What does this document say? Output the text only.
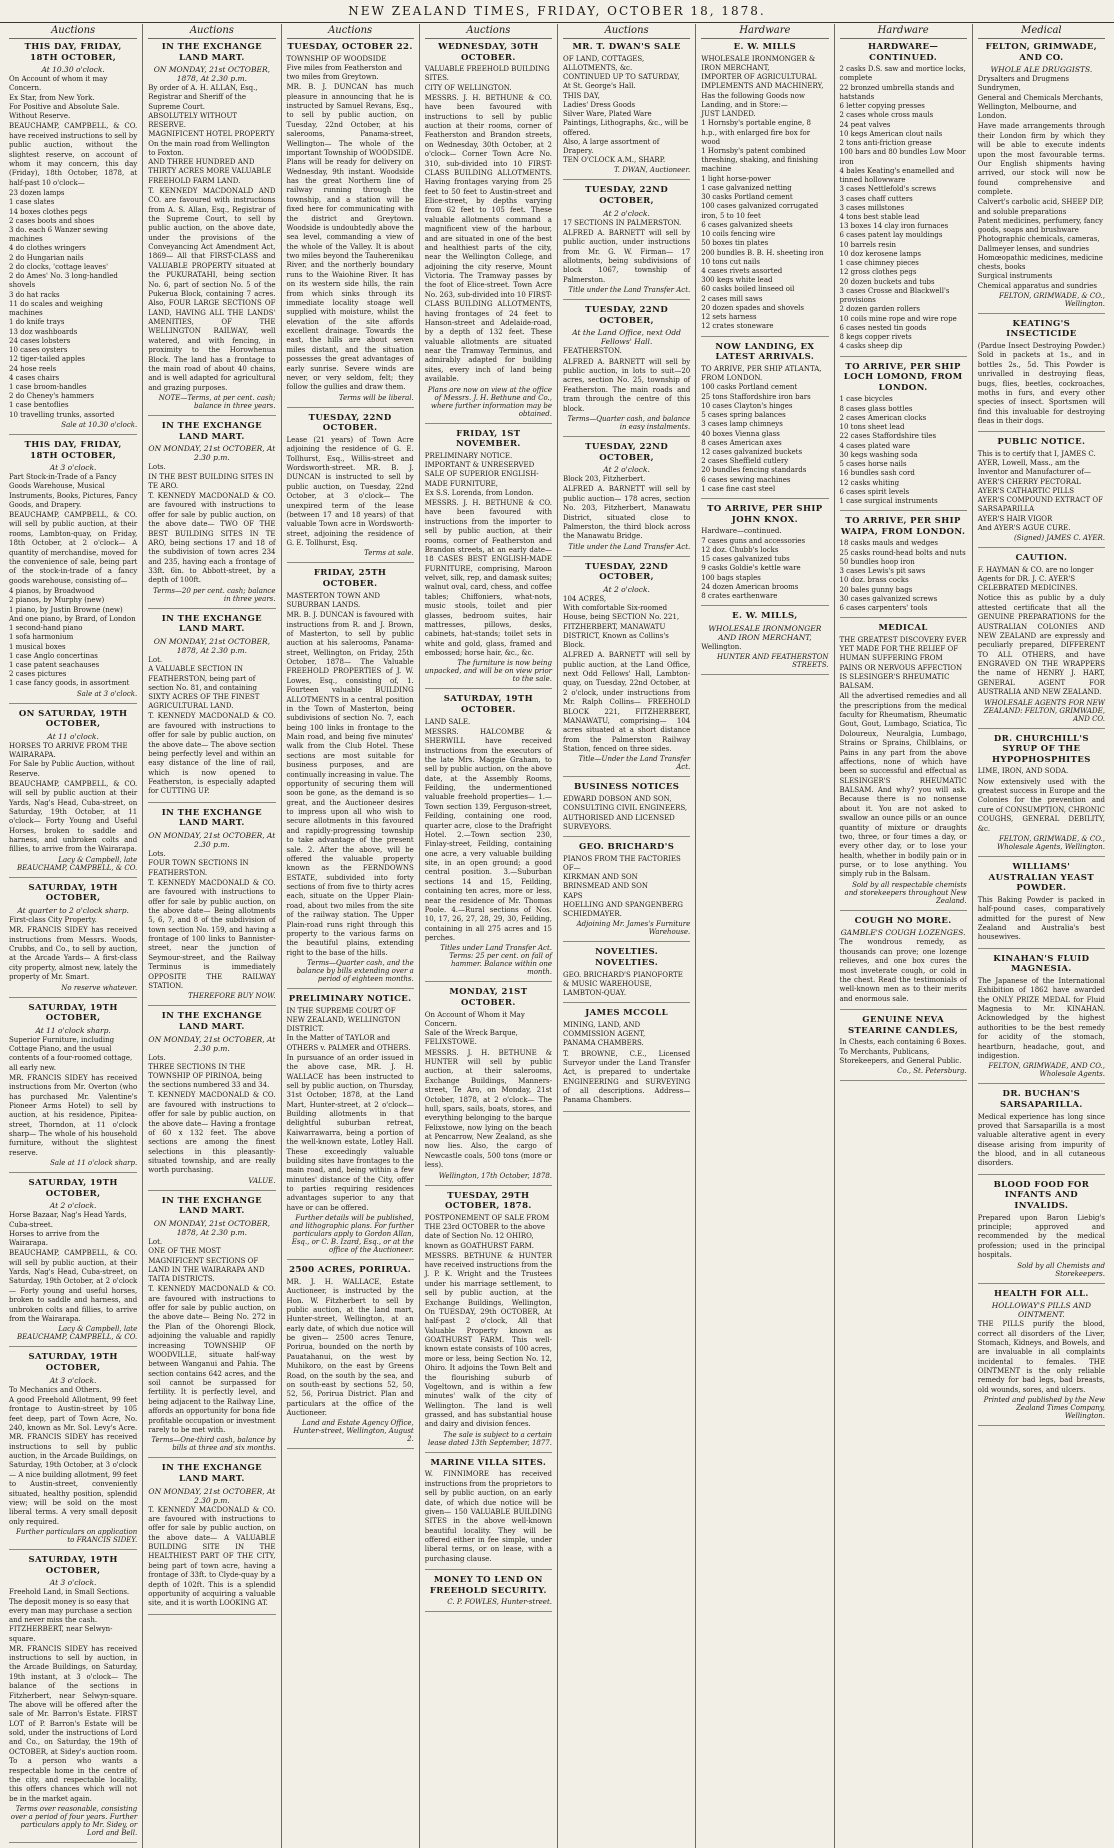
NEW ZEALAND TIMES, FRIDAY, OCTOBER 18, 1878.
Auctions
THIS DAY, FRIDAY, 18TH OCTOBER,
At 10.30 o'clock.

On Account of whom it may Concern.

Ex Star, from New York.

For Positive and Absolute Sale.

Without Reserve.

BEAUCHAMP, CAMPBELL, & CO. have received instructions to sell by public auction, without the slightest reserve, on account of whom it may concern, this day (Friday), 18th October, 1878, at half-past 10 o'clock—

23 dozen lamps

1 case slates

14 boxes clothes pegs

2 cases boots and shoes

3 do. each 6 Wanzer sewing machines

4 do clothes wringers

2 do Hungarian nails

2 do clocks, 'cottage leaves'

2 do Ames' No. 3 long-handled shovels

3 do hat racks

11 do scales and weighing machines

1 do knife trays

13 doz washboards

24 cases lobsters

10 cases oysters

12 tiger-tailed apples

24 hose reels

4 cases chairs

1 case broom-handles

2 do Cheney's hammers

1 case bentoflies

10 travelling trunks, assorted

Sale at 10.30 o'clock.
THIS DAY, FRIDAY, 18TH OCTOBER,
At 3 o'clock.

Part Stock-in-Trade of a Fancy Goods Warehouse, Musical Instruments, Books, Pictures, Fancy Goods, and Drapery.

BEAUCHAMP, CAMPBELL, & CO. will sell by public auction, at their rooms, Lambton-quay, on Friday, 18th October, at 2 o'clock— A quantity of merchandise, moved for the convenience of sale, being part of the stock-in-trade of a fancy goods warehouse, consisting of—

4 pianos, by Broadwood

2 pianos, by Murphy (new)

1 piano, by Justin Browne (new)

And one piano, by Brard, of London

1 second-hand piano

1 sofa harmonium

1 musical boxes

1 case Anglo concertinas

1 case patent seachauses

2 cases pictures

1 case fancy goods, in assortment

Sale at 3 o'clock.
ON SATURDAY, 19TH OCTOBER,
At 11 o'clock.

HORSES TO ARRIVE FROM THE WAIRARAPA.

For Sale by Public Auction, without Reserve.

BEAUCHAMP, CAMPBELL, & CO. will sell by public auction at their Yards, Nag's Head, Cuba-street, on Saturday, 19th October, at 11 o'clock— Forty Young and Useful Horses, broken to saddle and harness, and unbroken colts and fillies, to arrive from the Wairarapa.

Lacy & Campbell, late BEAUCHAMP, CAMPBELL, & CO.
SATURDAY, 19TH OCTOBER,
At quarter to 2 o'clock sharp.

First-class City Property.

MR. FRANCIS SIDEY has received instructions from Messrs. Woods, Crubbs, and Co., to sell by auction, at the Arcade Yards— A first-class city property, almost new, lately the property of Mr. Smart.

No reserve whatever.
SATURDAY, 19TH OCTOBER,
At 11 o'clock sharp.

Superior Furniture, including Cottage Piano, and the usual contents of a four-roomed cottage, all early new.

MR. FRANCIS SIDEY has received instructions from Mr. Overton (who has purchased Mr. Valentine's Pioneer Arms Hotel) to sell by auction, at his residence, Pipitea-street, Thorndon, at 11 o'clock sharp— The whole of his household furniture, without the slightest reserve.

Sale at 11 o'clock sharp.
SATURDAY, 19TH OCTOBER,
At 2 o'clock.

Horse Bazaar, Nag's Head Yards, Cuba-street.

Horses to arrive from the Wairarapa.

BEAUCHAMP, CAMPBELL, & CO. will sell by public auction, at their Yards, Nag's Head, Cuba-street, on Saturday, 19th October, at 2 o'clock— Forty young and useful horses, broken to saddle and harness, and unbroken colts and fillies, to arrive from the Wairarapa.

Lacy & Campbell, late BEAUCHAMP, CAMPBELL, & CO.
SATURDAY, 19TH OCTOBER,
At 3 o'clock.

To Mechanics and Others.

A good Freehold Allotment, 99 feet frontage to Austin-street by 105 feet deep, part of Town Acre, No. 240, known as Mr. Sol. Levy's Acre. MR. FRANCIS SIDEY has received instructions to sell by public auction, in the Arcade Buildings, on Saturday, 19th October, at 3 o'clock— A nice building allotment, 99 feet to Austin-street, conveniently situated, healthy position, splendid view; will be sold on the most liberal terms. A very small deposit only required.

Further particulars on application to FRANCIS SIDEY.
SATURDAY, 19TH OCTOBER,
At 3 o'clock.

Freehold Land, in Small Sections. The deposit money is so easy that every man may purchase a section and never miss the cash.

FITZHERBERT, near Selwyn-square.

MR. FRANCIS SIDEY has received instructions to sell by auction, in the Arcade Buildings, on Saturday, 19th instant, at 3 o'clock— The balance of the sections in Fitzherbert, near Selwyn-square. The above will be offered after the sale of Mr. Barron's Estate. FIRST LOT of P. Barron's Estate will be sold, under the instructions of Lord and Co., on Saturday, the 19th of OCTOBER, at Sidey's auction room. To a person who wants a respectable home in the centre of the city, and respectable locality, this offers chances which will not be in the market again.

Terms over reasonable, consisting over a period of four years. Further particulars apply to Mr. Sidey, or Lord and Bell.
Auctions
IN THE EXCHANGE LAND MART.
ON MONDAY, 21st OCTOBER, 1878, At 2.30 p.m.

By order of A. H. ALLAN, Esq., Registrar and Sheriff of the Supreme Court.

ABSOLUTELY WITHOUT RESERVE.

MAGNIFICENT HOTEL PROPERTY On the main road from Wellington to Foxton.

AND THREE HUNDRED AND THIRTY ACRES MORE VALUABLE FREEHOLD FARM LAND.

T. KENNEDY MACDONALD AND CO. are favoured with instructions from A. S. Allan, Esq., Registrar of the Supreme Court, to sell by public auction, on the above date, under the provisions of the Conveyancing Act Amendment Act, 1869— All that FIRST-CLASS and VALUABLE PROPERTY situated at the PUKURATAHI, being section No. 6, part of section No. 5 of the Pukerua Block, containing 7 acres. Also, FOUR LARGE SECTIONS OF LAND, HAVING ALL THE LANDS' AMENITIES, OF THE WELLINGTON RAILWAY, well watered, and with fencing, in proximity to the Horowhenua Block. The land has a frontage to the main road of about 40 chains, and is well adapted for agricultural and grazing purposes.

NOTE—Terms, at per cent. cash; balance in three years.
IN THE EXCHANGE LAND MART.
ON MONDAY, 21st OCTOBER, At 2.30 p.m.

Lots.

IN THE BEST BUILDING SITES IN TE ARO.

T. KENNEDY MACDONALD & CO. are favoured with instructions to offer for sale by public auction, on the above date— TWO OF THE BEST BUILDING SITES IN TE ARO, being sections 17 and 18 of the subdivision of town acres 234 and 235, having each a frontage of 33ft. 6in. to Abbott-street, by a depth of 100ft.

Terms—20 per cent. cash; balance in three years.
IN THE EXCHANGE LAND MART.
ON MONDAY, 21st OCTOBER, 1878, At 2.30 p.m.

Lot.

A VALUABLE SECTION IN FEATHERSTON, being part of section No. 81, and containing SIXTY ACRES OF THE FINEST AGRICULTURAL LAND.

T. KENNEDY MACDONALD & CO. are favoured with instructions to offer for sale by public auction, on the above date— The above section being perfectly level and within an easy distance of the line of rail, which is now opened to Featherston, is especially adapted for CUTTING UP.

IN THE EXCHANGE LAND MART.
ON MONDAY, 21st OCTOBER, At 2.30 p.m.

Lots.

FOUR TOWN SECTIONS IN FEATHERSTON.

T. KENNEDY MACDONALD & CO. are favoured with instructions to offer for sale by public auction, on the above date— Being allotments 5, 6, 7, and 8 of the subdivision of town section No. 159, and having a frontage of 100 links to Bannister-street, near the junction of Seymour-street, and the Railway Terminus is immediately OPPOSITE THE RAILWAY STATION.

THEREFORE BUY NOW.
IN THE EXCHANGE LAND MART.
ON MONDAY, 21st OCTOBER, At 2.30 p.m.

Lots.

THREE SECTIONS IN THE TOWNSHIP OF PIRINOA, being the sections numbered 33 and 34.

T. KENNEDY MACDONALD & CO. are favoured with instructions to offer for sale by public auction, on the above date— Having a frontage of 60 x 132 feet. The above sections are among the finest selections in this pleasantly-situated township, and are really worth purchasing.

VALUE.
IN THE EXCHANGE LAND MART.
ON MONDAY, 21st OCTOBER, 1878, At 2.30 p.m.

Lot.

ONE OF THE MOST MAGNIFICENT SECTIONS OF LAND IN THE WAIRARAPA AND TAITA DISTRICTS.

T. KENNEDY MACDONALD & CO. are favoured with instructions to offer for sale by public auction, on the above date— Being No. 272 in the Plan of the Ohorengi Block, adjoining the valuable and rapidly increasing TOWNSHIP OF WOODVILLE, situate half-way between Wanganui and Pahia. The section contains 642 acres, and the soil cannot be surpassed for fertility. It is perfectly level, and being adjacent to the Railway Line, affords an opportunity for bona fide profitable occupation or investment rarely to be met with.

Terms—One-third cash, balance by bills at three and six months.
IN THE EXCHANGE LAND MART.
ON MONDAY, 21st OCTOBER, At 2.30 p.m.

T. KENNEDY MACDONALD & CO. are favoured with instructions to offer for sale by public auction, on the above date— A VALUABLE BUILDING SITE IN THE HEALTHIEST PART OF THE CITY, being part of town acre, having a frontage of 33ft. to Clyde-quay by a depth of 102ft. This is a splendid opportunity of acquiring a valuable site, and it is worth LOOKING AT.

Auctions
TUESDAY, OCTOBER 22.

TOWNSHIP OF WOODSIDE

Five miles from Featherston and two miles from Greytown.

MR. B. J. DUNCAN has much pleasure in announcing that he is instructed by Samuel Revans, Esq., to sell by public auction, on Tuesday, 22nd October, at his salerooms, Panama-street, Wellington— The whole of the important Township of WOODSIDE. Plans will be ready for delivery on Wednesday, 9th instant. Woodside has the great Northern line of railway running through the township, and a station will be fixed here for communicating with the district and Greytown. Woodside is undoubtedly above the sea level, commanding a view of the whole of the Valley. It is about two miles beyond the Tauherenikau River, and the northerly boundary runs to the Waiohine River. It has on its western side hills, the rain from which sinks through its immediate locality stoage well supplied with moisture, whilst the elevation of the site affords excellent drainage. Towards the east, the hills are about seven miles distant, and the situation possesses the great advantages of early sunrise. Severe winds are never, or very seldom, felt; they follow the gullies and draw them.

Terms will be liberal.
TUESDAY, 22ND OCTOBER.

Lease (21 years) of Town Acre adjoining the residence of G. E. Tollhurst, Esq., Willis-street and Wordsworth-street. MR. B. J. DUNCAN is instructed to sell by public auction, on Tuesday, 22nd October, at 3 o'clock— The unexpired term of the lease (between 17 and 18 years) of that valuable Town acre in Wordsworth-street, adjoining the residence of G. E. Tollhurst, Esq.

Terms at sale.
FRIDAY, 25TH OCTOBER.

MASTERTON TOWN AND SUBURBAN LANDS.

MR. B. J. DUNCAN is favoured with instructions from R. and J. Brown, of Masterton, to sell by public auction at his salerooms, Panama-street, Wellington, on Friday, 25th October, 1878— The Valuable FREEHOLD PROPERTIES of J. W. Lowes, Esq., consisting of, 1. Fourteen valuable BUILDING ALLOTMENTS in a central position in the Town of Masterton, being subdivisions of section No. 7, each being 100 links in frontage to the Main road, and being five minutes' walk from the Club Hotel. These sections are most suitable for business purposes, and are continually increasing in value. The opportunity of securing them will soon be gone, as the demand is so great, and the Auctioneer desires to impress upon all who wish to secure allotments in this favoured and rapidly-progressing township to take advantage of the present sale. 2. After the above, will be offered the valuable property known as the FERNDOWNS ESTATE, subdivided into forty sections of from five to thirty acres each, situate on the Upper Plain-road, about two miles from the site of the railway station. The Upper Plain-road runs right through this property to the various farms on the beautiful plains, extending right to the base of the hills.

Terms—Quarter cash, and the balance by bills extending over a period of eighteen months.
PRELIMINARY NOTICE.

IN THE SUPREME COURT OF NEW ZEALAND, WELLINGTON DISTRICT.

In the Matter of TAYLOR and OTHERS v. PALMER and OTHERS.

In pursuance of an order issued in the above case, MR. J. H. WALLACE has been instructed to sell by public auction, on Thursday, 31st October, 1878, at the Land Mart, Hunter-street, at 2 o'clock— Building allotments in that delightful suburban retreat, Kaiwarrawarra, being a portion of the well-known estate, Lotley Hall. These exceedingly valuable building sites have frontages to the main road, and, being within a few minutes' distance of the City, offer to parties requiring residences advantages superior to any that have or can be offered.

Further details will be published, and lithographic plans. For further particulars apply to Gordon Allan, Esq., or C. B. Izard, Esq., or at the office of the Auctioneer.
2500 ACRES, PORIRUA.

MR. J. H. WALLACE, Estate Auctioneer, is instructed by the Hon. W. Fitzherbert to sell by public auction, at the land mart, Hunter-street, Wellington, at an early date, of which due notice will be given— 2500 acres Tenure, Porirua, bounded on the north by Pauatahanui, on the west by Muhikoro, on the east by Greens Road, on the south by the sea, and on south-east by sections 52, 50, 52, 56, Porirua District. Plan and particulars at the office of the Auctioneer.

Land and Estate Agency Office, Hunter-street, Wellington, August 2.
Auctions
WEDNESDAY, 30TH OCTOBER.

VALUABLE FREEHOLD BUILDING SITES.

CITY OF WELLINGTON.

MESSRS. J. H. BETHUNE & CO. have been favoured with instructions to sell by public auction at their rooms, corner of Featherston and Brandon streets, on Wednesday, 30th October, at 2 o'clock— Corner Town Acre No. 310, sub-divided into 10 FIRST-CLASS BUILDING ALLOTMENTS. Having frontages varying from 25 feet to 50 feet to Austin-street and Elice-street, by depths varying from 62 feet to 105 feet. These valuable allotments command a magnificent view of the harbour, and are situated in one of the best and healthiest parts of the city, near the Wellington College, and adjoining the city reserve, Mount Victoria. The Tramway passes by the foot of Elice-street. Town Acre No. 263, sub-divided into 10 FIRST-CLASS BUILDING ALLOTMENTS, having frontages of 24 feet to Hanson-street and Adelaide-road, by a depth of 132 feet. These valuable allotments are situated near the Tramway Terminus, and admirably adapted for building sites, every inch of land being available.

Plans are now on view at the office of Messrs. J. H. Bethune and Co., where further information may be obtained.
FRIDAY, 1ST NOVEMBER.

PRELIMINARY NOTICE.

IMPORTANT & UNRESERVED SALE OF SUPERIOR ENGLISH-MADE FURNITURE,

Ex S.S. Lorenda, from London.

MESSRS. J. H. BETHUNE & CO. have been favoured with instructions from the importer to sell by public auction, at their rooms, corner of Featherston and Brandon streets, at an early date— 18 CASES BEST ENGLISH-MADE FURNITURE, comprising, Maroon velvet, silk, rep, and damask suites; walnut oval, card, chess, and coffee tables; Chiffoniers, what-nots, music stools, toilet and pier glasses, bedroom suites, hair mattresses, pillows, desks, cabinets, hat-stands; toilet sets in white and gold, glass, framed and embossed; horse hair, &c., &c.

The furniture is now being unpacked, and will be on view prior to the sale.
SATURDAY, 19TH OCTOBER.

LAND SALE.

MESSRS. HALCOMBE & SHERWILL have received instructions from the executors of the late Mrs. Maggie Graham, to sell by public auction, on the above date, at the Assembly Rooms, Feilding, the undermentioned valuable freehold properties— 1.—Town section 139, Ferguson-street, Feilding, containing one rood, quarter acre, close to the Drafright Hotel. 2.—Town section 230, Finlay-street, Feilding, containing one acre, a very valuable building site, in an open ground; a good central position. 3.—Suburban sections 14 and 15, Feilding, containing ten acres, more or less, near the residence of Mr. Thomas Poole. 4.—Rural sections of Nos. 10, 17, 26, 27, 28, 29, 30, Feilding, containing in all 275 acres and 15 perches.

Titles under Land Transfer Act. Terms: 25 per cent. on fall of hammer. Balance within one month.
MONDAY, 21ST OCTOBER.

On Account of Whom it May Concern.

Sale of the Wreck Barque, FELIXSTOWE.

MESSRS. J. H. BETHUNE & HUNTER will sell by public auction, at their salerooms, Exchange Buildings, Manners-street, Te Aro, on Monday, 21st October, 1878, at 2 o'clock— The hull, spars, sails, boats, stores, and everything belonging to the barque Felixstowe, now lying on the beach at Pencarrow, New Zealand, as she now lies. Also, the cargo of Newcastle coals, 500 tons (more or less).

Wellington, 17th October, 1878.
TUESDAY, 29TH OCTOBER, 1878.

POSTPONEMENT OF SALE FROM THE 23rd OCTOBER to the above date of Section No. 12 OHIRO, known as GOATHURST FARM.

MESSRS. BETHUNE & HUNTER have received instructions from the J. P. K. Wright and the Trustees under his marriage settlement, to sell by public auction, at the Exchange Buildings, Wellington, On TUESDAY, 29th OCTOBER, At half-past 2 o'clock, All that Valuable Property known as GOATHURST FARM. This well-known estate consists of 100 acres, more or less, being Section No. 12, Ohiro. It adjoins the Town Belt and the flourishing suburb of Vogeltown, and is within a few minutes' walk of the city of Wellington. The land is well grassed, and has substantial house and dairy and division fences.

The sale is subject to a certain lease dated 13th September, 1877.
MARINE VILLA SITES.

W. FINNIMORE has received instructions from the proprietors to sell by public auction, on an early date, of which due notice will be given— 150 VALUABLE BUILDING SITES in the above well-known beautiful locality. They will be offered either in fee simple, under liberal terms, or on lease, with a purchasing clause.

MONEY TO LEND ON FREEHOLD SECURITY.
C. P. FOWLES, Hunter-street.
Auctions
MR. T. DWAN'S SALE

OF LAND, COTTAGES, ALLOTMENTS, &c.

CONTINUED UP TO SATURDAY,

At St. George's Hall.

THIS DAY,

Ladies' Dress Goods

Silver Ware, Plated Ware

Paintings, Lithographs, &c., will be offered.

Also, A large assortment of Drapery.

TEN O'CLOCK A.M., SHARP.

T. DWAN, Auctioneer.
TUESDAY, 22ND OCTOBER,
At 2 o'clock.

17 SECTIONS IN PALMERSTON.

ALFRED A. BARNETT will sell by public auction, under instructions from Mr. G. W. Firman— 17 allotments, being subdivisions of block 1067, township of Palmerston.

Title under the Land Transfer Act.
TUESDAY, 22ND OCTOBER,
At the Land Office, next Odd Fellows' Hall.

FEATHERSTON.

ALFRED A. BARNETT will sell by public auction, in lots to suit—20 acres, section No. 25, township of Featherston. The main roads and tram through the centre of this block.

Terms—Quarter cash, and balance in easy instalments.
TUESDAY, 22ND OCTOBER,
At 2 o'clock.

Block 203, Fitzherbert.

ALFRED A. BARNETT will sell by public auction— 178 acres, section No. 203, Fitzherbert, Manawatu District, situated close to Palmerston, the third block across the Manawatu Bridge.

Title under the Land Transfer Act.
TUESDAY, 22ND OCTOBER,
At 2 o'clock.

104 ACRES,

With comfortable Six-roomed House, being SECTION No. 221,

FITZHERBERT, MANAWATU DISTRICT, Known as Collins's Block.

ALFRED A. BARNETT will sell by public auction, at the Land Office, next Odd Fellows' Hall, Lambton-quay, on Tuesday, 22nd October, at 2 o'clock, under instructions from Mr. Ralph Collins— FREEHOLD BLOCK 221, FITZHERBERT, MANAWATU, comprising— 104 acres situated at a short distance from the Palmerston Railway Station, fenced on three sides.

Title—Under the Land Transfer Act.
BUSINESS NOTICES

EDWARD DOBSON AND SON, CONSULTING CIVIL ENGINEERS, AUTHORISED AND LICENSED SURVEYORS.

GEO. BRICHARD'S

PIANOS FROM THE FACTORIES OF—

KIRKMAN AND SON

BRINSMEAD AND SON

KAPS

HOELLING AND SPANGENBERG

SCHIEDMAYER.

Adjoining Mr. James's Furniture Warehouse.
NOVELTIES. NOVELTIES.

GEO. BRICHARD'S PIANOFORTE & MUSIC WAREHOUSE, LAMBTON-QUAY.

JAMES MCCOLL

MINING, LAND, AND COMMISSION AGENT,

PANAMA CHAMBERS.

T. BROWNE, C.E., Licensed Surveyor under the Land Transfer Act, is prepared to undertake ENGINEERING and SURVEYING of all descriptions. Address—Panama Chambers.

Hardware
E. W. MILLS

WHOLESALE IRONMONGER & IRON MERCHANT,

IMPORTER OF AGRICULTURAL IMPLEMENTS AND MACHINERY,

Has the following Goods now Landing, and in Store:—

JUST LANDED.

1 Hornsby's portable engine, 8 h.p., with enlarged fire box for wood

1 Hornsby's patent combined threshing, shaking, and finishing machine

1 light horse-power

1 case galvanized netting

30 casks Portland cement

100 cases galvanized corrugated iron, 5 to 10 feet

6 cases galvanized sheets

10 coils fencing wire

50 boxes tin plates

200 bundles B. B. H. sheeting iron

10 tons cut nails

4 cases rivets assorted

300 kegs white lead

60 casks boiled linseed oil

2 cases mill saws

20 dozen spades and shovels

12 sets harness

12 crates stoneware

NOW LANDING, EX LATEST ARRIVALS.

TO ARRIVE, PER SHIP ATLANTA, FROM LONDON.

100 casks Portland cement

25 tons Staffordshire iron bars

10 cases Clayton's hinges

5 cases spring balances

3 cases lamp chimneys

40 boxes Vienna glass

8 cases American axes

12 cases galvanized buckets

2 cases Sheffield cutlery

20 bundles fencing standards

6 cases sewing machines

1 case fine cast steel

TO ARRIVE, PER SHIP JOHN KNOX.

Hardware—continued.

7 cases guns and accessories

12 doz. Chubb's locks

15 cases galvanized tubs

9 casks Goldie's kettle ware

100 bags staples

24 dozen American brooms

8 crates earthenware

E. W. MILLS,
WHOLESALE IRONMONGER AND IRON MERCHANT,

Wellington.

HUNTER AND FEATHERSTON STREETS.
Hardware
HARDWARE—CONTINUED.

2 casks D.S. saw and mortice locks, complete

22 bronzed umbrella stands and hatstands

6 letter copying presses

2 cases whole cross mauls

24 peat valves

10 kegs American clout nails

2 tons anti-friction grease

100 bars and 80 bundles Low Moor iron

4 bales Keating's enamelled and tinned hollowware

3 cases Nettlefold's screws

3 cases chaff cutters

3 cases millstones

4 tons best stable lead

13 boxes 14 clay iron furnaces

6 cases patent lay mouldings

10 barrels resin

10 doz kerosene lamps

1 case chimney pieces

12 gross clothes pegs

20 dozen buckets and tubs

3 cases Crosse and Blackwell's provisions

2 dozen garden rollers

10 coils mine rope and wire rope

6 cases nested tin goods

8 kegs copper rivets

4 casks sheep dip

TO ARRIVE, PER SHIP LOCH LOMOND, FROM LONDON.

1 case bicycles

8 cases glass bottles

2 cases American clocks

10 tons sheet lead

22 cases Staffordshire tiles

4 cases plated ware

30 kegs washing soda

5 cases horse nails

16 bundles sash cord

12 casks whiting

6 cases spirit levels

1 case surgical instruments

TO ARRIVE, PER SHIP WAIPA, FROM LONDON.

18 casks mauls and wedges

25 casks round-head bolts and nuts

50 bundles hoop iron

3 cases Lewis's pit saws

10 doz. brass cocks

20 bales gunny bags

30 cases galvanized screws

6 cases carpenters' tools

MEDICAL

THE GREATEST DISCOVERY EVER YET MADE FOR THE RELIEF OF HUMAN SUFFERING FROM PAINS OR NERVOUS AFFECTION IS SLESINGER'S RHEUMATIC BALSAM.

All the advertised remedies and all the prescriptions from the medical faculty for Rheumatism, Rheumatic Gout, Gout, Lumbago, Sciatica, Tic Doloureux, Neuralgia, Lumbago, Strains or Sprains, Chilblains, or Pains in any part from the above affections, none of which have been so successful and effectual as SLESINGER'S RHEUMATIC BALSAM. And why? you will ask. Because there is no nonsense about it. You are not asked to swallow an ounce pills or an ounce quantity of mixture or draughts two, three, or four times a day, or every other day, or to lose your health, whether in bodily pain or in purse, or to lose anything. You simply rub in the Balsam.

Sold by all respectable chemists and storekeepers throughout New Zealand.
COUGH NO MORE.
GAMBLE'S COUGH LOZENGES.

The wondrous remedy, as thousands can prove; one lozenge relieves, and one box cures the most inveterate cough, or cold in the chest. Read the testimonials of well-known men as to their merits and enormous sale.

GENUINE NEVA STEARINE CANDLES,

In Chests, each containing 6 Boxes. To Merchants, Publicans, Storekeepers, and General Public.

Co., St. Petersburg.
Medical
FELTON, GRIMWADE, AND CO.
WHOLE ALE DRUGGISTS.

Drysalters and Drugmens Sundrymen,

General and Chemicals Merchants,

Wellington, Melbourne, and London.

Have made arrangements through their London firm by which they will be able to execute indents upon the most favourable terms. Our English shipments having arrived, our stock will now be found comprehensive and complete.

Calvert's carbolic acid, SHEEP DIP, and soluble preparations

Patent medicines, perfumery, fancy goods, soaps and brushware

Photographic chemicals, cameras, Dallmeyer lenses, and sundries

Homœopathic medicines, medicine chests, books

Surgical instruments

Chemical apparatus and sundries

FELTON, GRIMWADE, & CO., Wellington.
KEATING'S INSECTICIDE

(Pardue Insect Destroying Powder.) Sold in packets at 1s., and in bottles 2s., 5d. This Powder is unrivalled in destroying fleas, bugs, flies, beetles, cockroaches, moths in furs, and every other species of insect. Sportsmen will find this invaluable for destroying fleas in their dogs.

PUBLIC NOTICE.

This is to certify that I, JAMES C. AYER, Lowell, Mass., am the Inventor and Manufacturer of—

AYER'S CHERRY PECTORAL

AYER'S CATHARTIC PILLS

AYER'S COMPOUND EXTRACT OF SARSAPARILLA

AYER'S HAIR VIGOR

And AYER'S AGUE CURE.

(Signed) JAMES C. AYER.
CAUTION.

F. HAYMAN & CO. are no longer Agents for DR. J. C. AYER'S CELEBRATED MEDICINES.

Notice this as public by a duly attested certificate that all the GENUINE PREPARATIONS for the AUSTRALIAN COLONIES AND NEW ZEALAND are expressly and peculiarly prepared, DIFFERENT TO ALL OTHERS, and have ENGRAVED ON THE WRAPPERS the name of HENRY J. HART, GENERAL AGENT FOR AUSTRALIA AND NEW ZEALAND.

WHOLESALE AGENTS FOR NEW ZEALAND: FELTON, GRIMWADE, AND CO.
DR. CHURCHILL'S SYRUP OF THE HYPOPHOSPHITES

LIME, IRON, AND SODA.

Now extensively used with the greatest success in Europe and the Colonies for the prevention and cure of CONSUMPTION, CHRONIC COUGHS, GENERAL DEBILITY, &c.

FELTON, GRIMWADE, & CO., Wholesale Agents, Wellington.
WILLIAMS' AUSTRALIAN YEAST POWDER.

This Baking Powder is packed in half-pound cases, comparatively admitted for the purest of New Zealand and Australia's best housewives.

KINAHAN'S FLUID MAGNESIA.

The Japanese of the International Exhibition of 1862 have awarded the ONLY PRIZE MEDAL for Fluid Magnesia to Mr. KINAHAN. Acknowledged by the highest authorities to be the best remedy for acidity of the stomach, heartburn, headache, gout, and indigestion.

FELTON, GRIMWADE, AND CO., Wholesale Agents.
DR. BUCHAN'S SARSAPARILLA.

Medical experience has long since proved that Sarsaparilla is a most valuable alterative agent in every disease arising from impurity of the blood, and in all cutaneous disorders.

BLOOD FOOD FOR INFANTS AND INVALIDS.

Prepared upon Baron Liebig's principle; approved and recommended by the medical profession; used in the principal hospitals.

Sold by all Chemists and Storekeepers.
HEALTH FOR ALL.
HOLLOWAY'S PILLS AND OINTMENT.

THE PILLS purify the blood, correct all disorders of the Liver, Stomach, Kidneys, and Bowels, and are invaluable in all complaints incidental to females. THE OINTMENT is the only reliable remedy for bad legs, bad breasts, old wounds, sores, and ulcers.

Printed and published by the New Zealand Times Company, Wellington.
